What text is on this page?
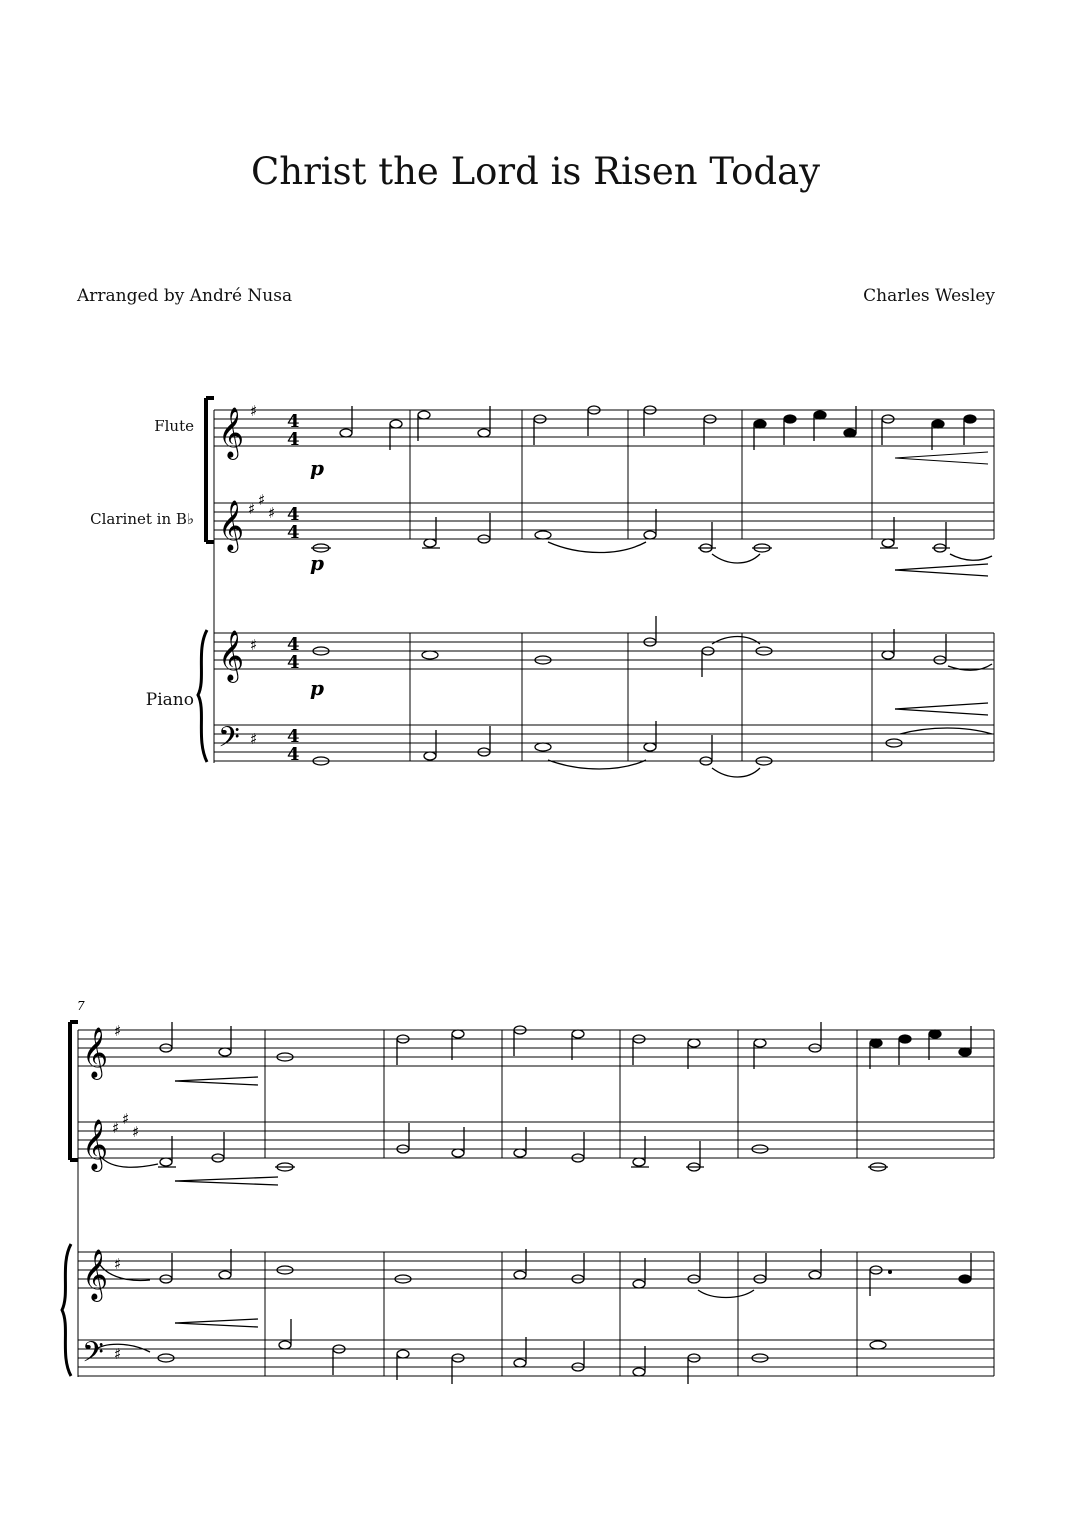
Christ the Lord is Risen Today
Arranged by André Nusa	Charles Wesley
Flute
Clarinet in B♭
Piano
𝄞
𝄞
𝄞
𝄢
♯
♯
♯
♯ ♯
♯
4
4
4
4
4
4
4
4
p
p
p
7
𝄞
𝄞
𝄞
𝄢
♯
♯
♯
♯ ♯
♯
